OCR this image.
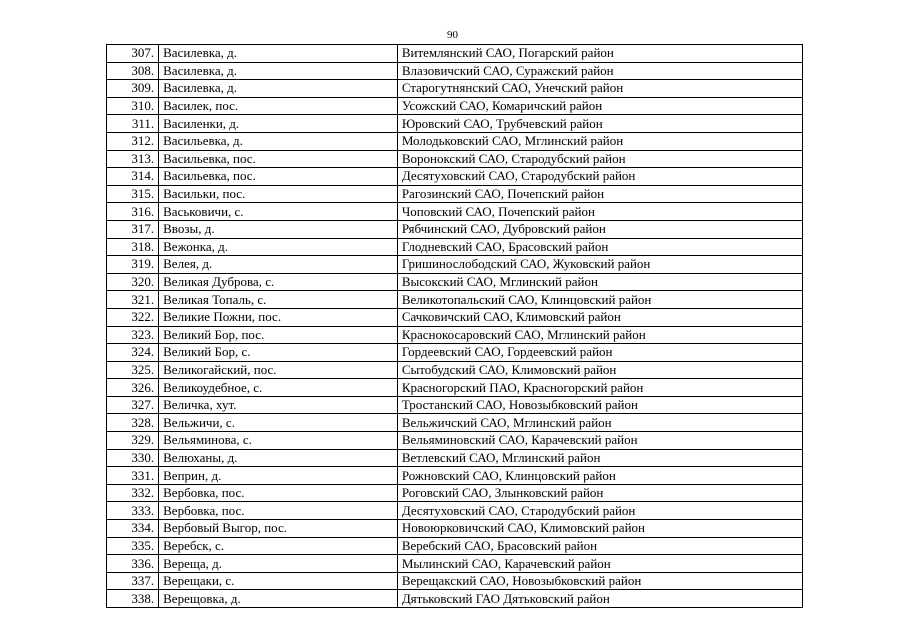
90
307.	Василевка, д.	Витемлянский САО, Погарский район
308.	Василевка, д.	Влазовичский САО, Суражский район
309.	Василевка, д.	Старогутнянский САО, Унечский район
310.	Василек, пос.	Усожский САО, Комаричский район
311.	Василенки, д.	Юровский САО, Трубчевский район
312.	Васильевка, д.	Молодьковский САО, Мглинский район
313.	Васильевка, пос.	Воронокский САО, Стародубский район
314.	Васильевка, пос.	Десятуховский САО, Стародубский район
315.	Васильки, пос.	Рагозинский САО, Почепский район
316.	Васьковичи, с.	Чоповский САО, Почепский район
317.	Ввозы, д.	Рябчинский САО, Дубровский район
318.	Вежонка, д.	Глодневский САО, Брасовский район
319.	Велея, д.	Гришинослободский САО, Жуковский район
320.	Великая Дуброва, с.	Высокский САО, Мглинский район
321.	Великая Топаль, с.	Великотопальский САО, Клинцовский район
322.	Великие Пожни, пос.	Сачковичский САО, Климовский район
323.	Великий Бор, пос.	Краснокосаровский САО, Мглинский район
324.	Великий Бор, с.	Гордеевский САО, Гордеевский район
325.	Великогайский, пос.	Сытобудский САО, Климовский район
326.	Великоудебное, с.	Красногорский ПАО, Красногорский район
327.	Величка, хут.	Тростанский САО, Новозыбковский район
328.	Вельжичи, с.	Вельжичский САО, Мглинский район
329.	Вельяминова, с.	Вельяминовский САО, Карачевский район
330.	Велюханы, д.	Ветлевский САО, Мглинский район
331.	Веприн, д.	Рожновский САО, Клинцовский район
332.	Вербовка, пос.	Роговский САО, Злынковский район
333.	Вербовка, пос.	Десятуховский САО, Стародубский район
334.	Вербовый Выгор, пос.	Новоюрковичский САО, Климовский район
335.	Веребск, с.	Веребский САО, Брасовский район
336.	Вереща, д.	Мылинский САО, Карачевский район
337.	Верещаки, с.	Верещакский САО, Новозыбковский район
338.	Верещовка, д.	Дятьковский ГАО Дятьковский район
